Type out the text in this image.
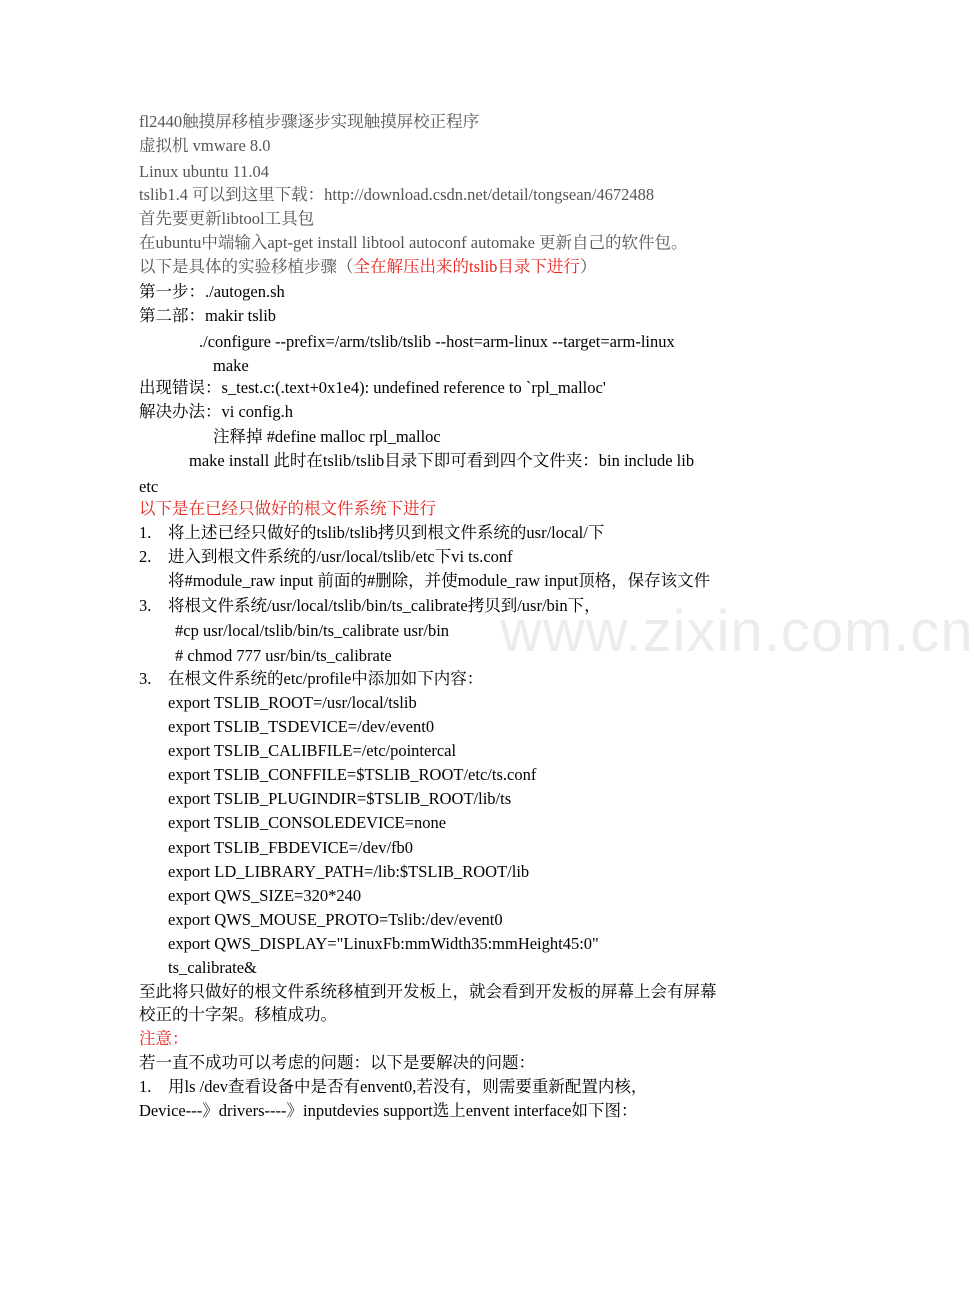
fl2440触摸屏移植步骤逐步实现触摸屏校正程序
虚拟机 vmware 8.0
Linux ubuntu 11.04
tslib1.4 可以到这里下载：http://download.csdn.net/detail/tongsean/4672488
首先要更新libtool工具包
在ubuntu中端输入apt-get install libtool autoconf automake 更新自己的软件包。
以下是具体的实验移植步骤（全在解压出来的tslib目录下进行）
第一步：./autogen.sh
第二部：makir tslib
./configure --prefix=/arm/tslib/tslib --host=arm-linux --target=arm-linux
make
出现错误：s_test.c:(.text+0x1e4): undefined reference to `rpl_malloc'
解决办法：vi config.h
注释掉 #define malloc rpl_malloc
make install 此时在tslib/tslib目录下即可看到四个文件夹：bin include lib
etc
以下是在已经只做好的根文件系统下进行
1. 将上述已经只做好的tslib/tslib拷贝到根文件系统的usr/local/下
2. 进入到根文件系统的/usr/local/tslib/etc下vi ts.conf
将#module_raw input 前面的#删除，并使module_raw input顶格，保存该文件
3. 将根文件系统/usr/local/tslib/bin/ts_calibrate拷贝到/usr/bin下，
#cp usr/local/tslib/bin/ts_calibrate usr/bin
# chmod 777 usr/bin/ts_calibrate
3. 在根文件系统的etc/profile中添加如下内容：
export TSLIB_ROOT=/usr/local/tslib
export TSLIB_TSDEVICE=/dev/event0
export TSLIB_CALIBFILE=/etc/pointercal
export TSLIB_CONFFILE=$TSLIB_ROOT/etc/ts.conf
export TSLIB_PLUGINDIR=$TSLIB_ROOT/lib/ts
export TSLIB_CONSOLEDEVICE=none
export TSLIB_FBDEVICE=/dev/fb0
export LD_LIBRARY_PATH=/lib:$TSLIB_ROOT/lib
export QWS_SIZE=320*240
export QWS_MOUSE_PROTO=Tslib:/dev/event0
export QWS_DISPLAY="LinuxFb:mmWidth35:mmHeight45:0"
ts_calibrate&
至此将只做好的根文件系统移植到开发板上，就会看到开发板的屏幕上会有屏幕
校正的十字架。移植成功。
注意：
若一直不成功可以考虑的问题：以下是要解决的问题：
1. 用ls /dev查看设备中是否有envent0,若没有，则需要重新配置内核，
Device---》drivers----》inputdevies support选上envent interface如下图：
www.zixin.com.cn
